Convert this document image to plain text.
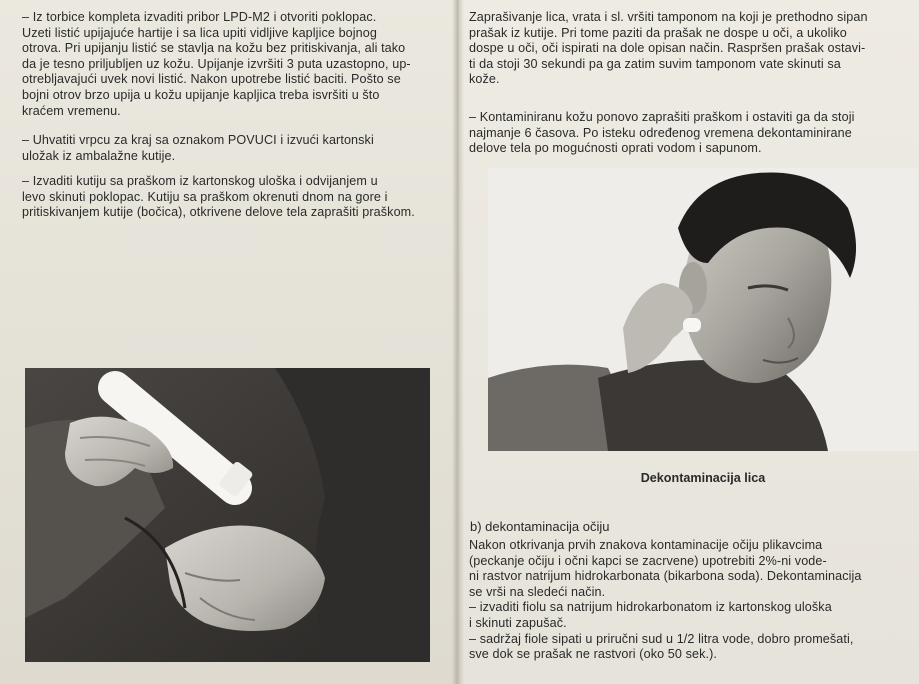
– Iz torbice kompleta izvaditi pribor LPD-M2 i otvoriti poklopac.
Uzeti listić upijajuće hartije i sa lica upiti vidljive kapljice bojnog
otrova. Pri upijanju listić se stavlja na kožu bez pritiskivanja, ali tako
da je tesno priljubljen uz kožu. Upijanje izvršiti 3 puta uzastopno, up-
otrebljavajući uvek novi listić. Nakon upotrebe listić baciti. Pošto se
bojni otrov brzo upija u kožu upijanje kapljica treba isvršiti u što
kraćem vremenu.
– Uhvatiti vrpcu za kraj sa oznakom POVUCI i izvući kartonski
uložak iz ambalažne kutije.
– Izvaditi kutiju sa praškom iz kartonskog uloška i odvijanjem u
levo skinuti poklopac. Kutiju sa praškom okrenuti dnom na gore i
pritiskivanjem kutije (bočica), otkrivene delove tela zaprašiti praškom.
Zaprašivanje lica, vrata i sl. vršiti tamponom na koji je prethodno sipan
prašak iz kutije. Pri tome paziti da prašak ne dospe u oči, a ukoliko
dospe u oči, oči ispirati na dole opisan način. Raspršen prašak ostavi-
ti da stoji 30 sekundi pa ga zatim suvim tamponom vate skinuti sa
kože.
– Kontaminiranu kožu ponovo zaprašiti praškom i ostaviti ga da stoji
najmanje 6 časova. Po isteku određenog vremena dekontaminirane
delove tela po mogućnosti oprati vodom i sapunom.
Dekontaminacija lica
b) dekontaminacija očiju
Nakon otkrivanja prvih znakova kontaminacije očiju plikavcima
(peckanje očiju i očni kapci se zacrvene) upotrebiti 2%-ni vode-
ni rastvor natrijum hidrokarbonata (bikarbona soda). Dekontaminacija
se vrši na sledeći način.
– izvaditi fiolu sa natrijum hidrokarbonatom iz kartonskog uloška
i skinuti zapušač.
– sadržaj fiole sipati u priručni sud u 1/2 litra vode, dobro promešati,
sve dok se prašak ne rastvori (oko 50 sek.).
